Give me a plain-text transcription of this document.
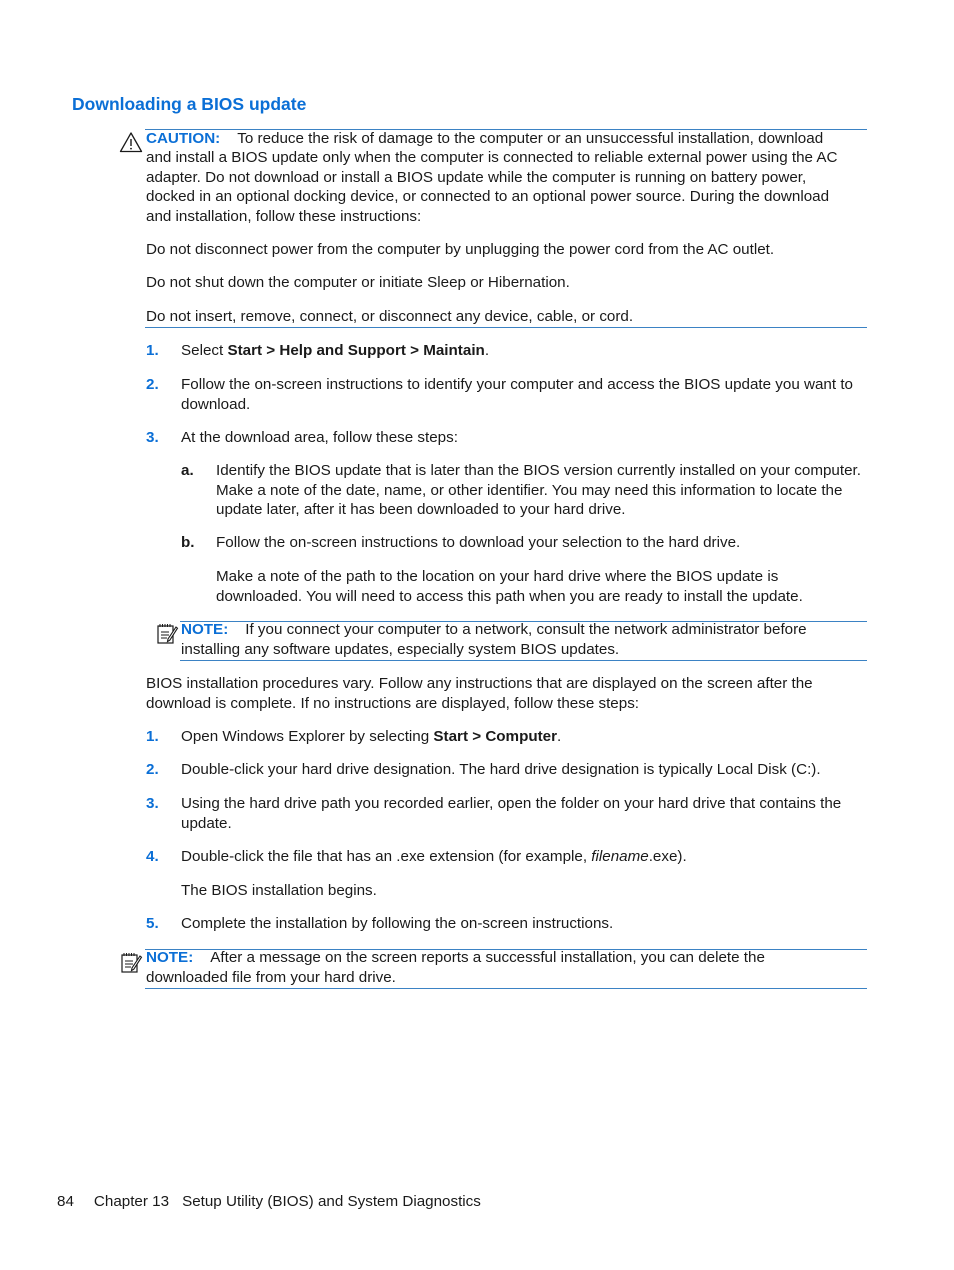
Downloading a BIOS update
CAUTION: To reduce the risk of damage to the computer or an unsuccessful installation, download
and install a BIOS update only when the computer is connected to reliable external power using the AC adapter. Do not download or install a BIOS update while the computer is running on battery power, docked in an optional docking device, or connected to an optional power source. During the download and installation, follow these instructions:
Do not disconnect power from the computer by unplugging the power cord from the AC outlet.
Do not shut down the computer or initiate Sleep or Hibernation.
Do not insert, remove, connect, or disconnect any device, cable, or cord.
1. Select Start > Help and Support > Maintain.
2. Follow the on-screen instructions to identify your computer and access the BIOS update you want to download.
3. At the download area, follow these steps:
a. Identify the BIOS update that is later than the BIOS version currently installed on your computer. Make a note of the date, name, or other identifier. You may need this information to locate the update later, after it has been downloaded to your hard drive.
b. Follow the on-screen instructions to download your selection to the hard drive.
Make a note of the path to the location on your hard drive where the BIOS update is downloaded. You will need to access this path when you are ready to install the update.
NOTE: If you connect your computer to a network, consult the network administrator before
installing any software updates, especially system BIOS updates.
BIOS installation procedures vary. Follow any instructions that are displayed on the screen after the download is complete. If no instructions are displayed, follow these steps:
1. Open Windows Explorer by selecting Start > Computer.
2. Double-click your hard drive designation. The hard drive designation is typically Local Disk (C:).
3. Using the hard drive path you recorded earlier, open the folder on your hard drive that contains the update.
4. Double-click the file that has an .exe extension (for example, filename.exe).
The BIOS installation begins.
5. Complete the installation by following the on-screen instructions.
NOTE: After a message on the screen reports a successful installation, you can delete the
downloaded file from your hard drive.
84 Chapter 13 Setup Utility (BIOS) and System Diagnostics
